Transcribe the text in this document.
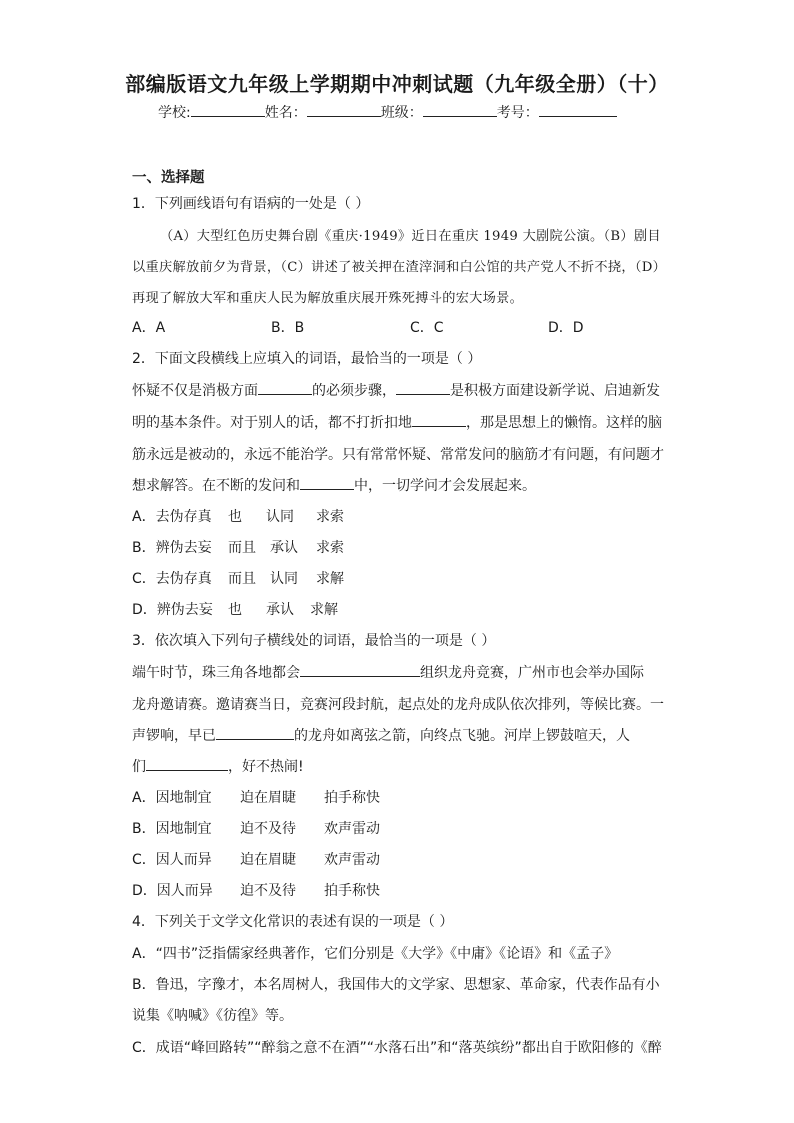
部编版语文九年级上学期期中冲刺试题（九年级全册）（十）
学校:	姓名：	班级：	考号：
一、选择题
1．下列画线语句有语病的一处是（ ）
（A）大型红色历史舞台剧《重庆·1949》近日在重庆 1949 大剧院公演。（B）剧目
以重庆解放前夕为背景，（C）讲述了被关押在渣滓洞和白公馆的共产党人不折不挠，（D）
再现了解放大军和重庆人民为解放重庆展开殊死搏斗的宏大场景。
A．A	B．B	C．C	D．D
2．下面文段横线上应填入的词语，最恰当的一项是（ ）
怀疑不仅是消极方面	的必须步骤，	是积极方面建设新学说、启迪新发
明的基本条件。对于别人的话，都不打折扣地	，那是思想上的懒惰。这样的脑
筋永远是被动的，永远不能治学。只有常常怀疑、常常发问的脑筋才有问题，有问题才
想求解答。在不断的发问和	中，一切学问才会发展起来。
A．去伪存真 也 认同 求索
B．辨伪去妄 而且 承认 求索
C．去伪存真 而且 认同 求解
D．辨伪去妄 也 承认 求解
3．依次填入下列句子横线处的词语，最恰当的一项是（ ）
端午时节，珠三角各地都会	组织龙舟竞赛，广州市也会举办国际
龙舟邀请赛。邀请赛当日，竞赛河段封航，起点处的龙舟成队依次排列，等候比赛。一
声锣响，早已	的龙舟如离弦之箭，向终点飞驰。河岸上锣鼓喧天，人
们	，好不热闹!
A．因地制宜 迫在眉睫 拍手称快
B．因地制宜 迫不及待 欢声雷动
C．因人而异 迫在眉睫 欢声雷动
D．因人而异 迫不及待 拍手称快
4．下列关于文学文化常识的表述有误的一项是（ ）
A．“四书”泛指儒家经典著作，它们分别是《大学》《中庸》《论语》和《孟子》
B．鲁迅，字豫才，本名周树人，我国伟大的文学家、思想家、革命家，代表作品有小
说集《呐喊》《彷徨》等。
C．成语“峰回路转”“醉翁之意不在酒”“水落石出”和“落英缤纷”都出自于欧阳修的《醉
